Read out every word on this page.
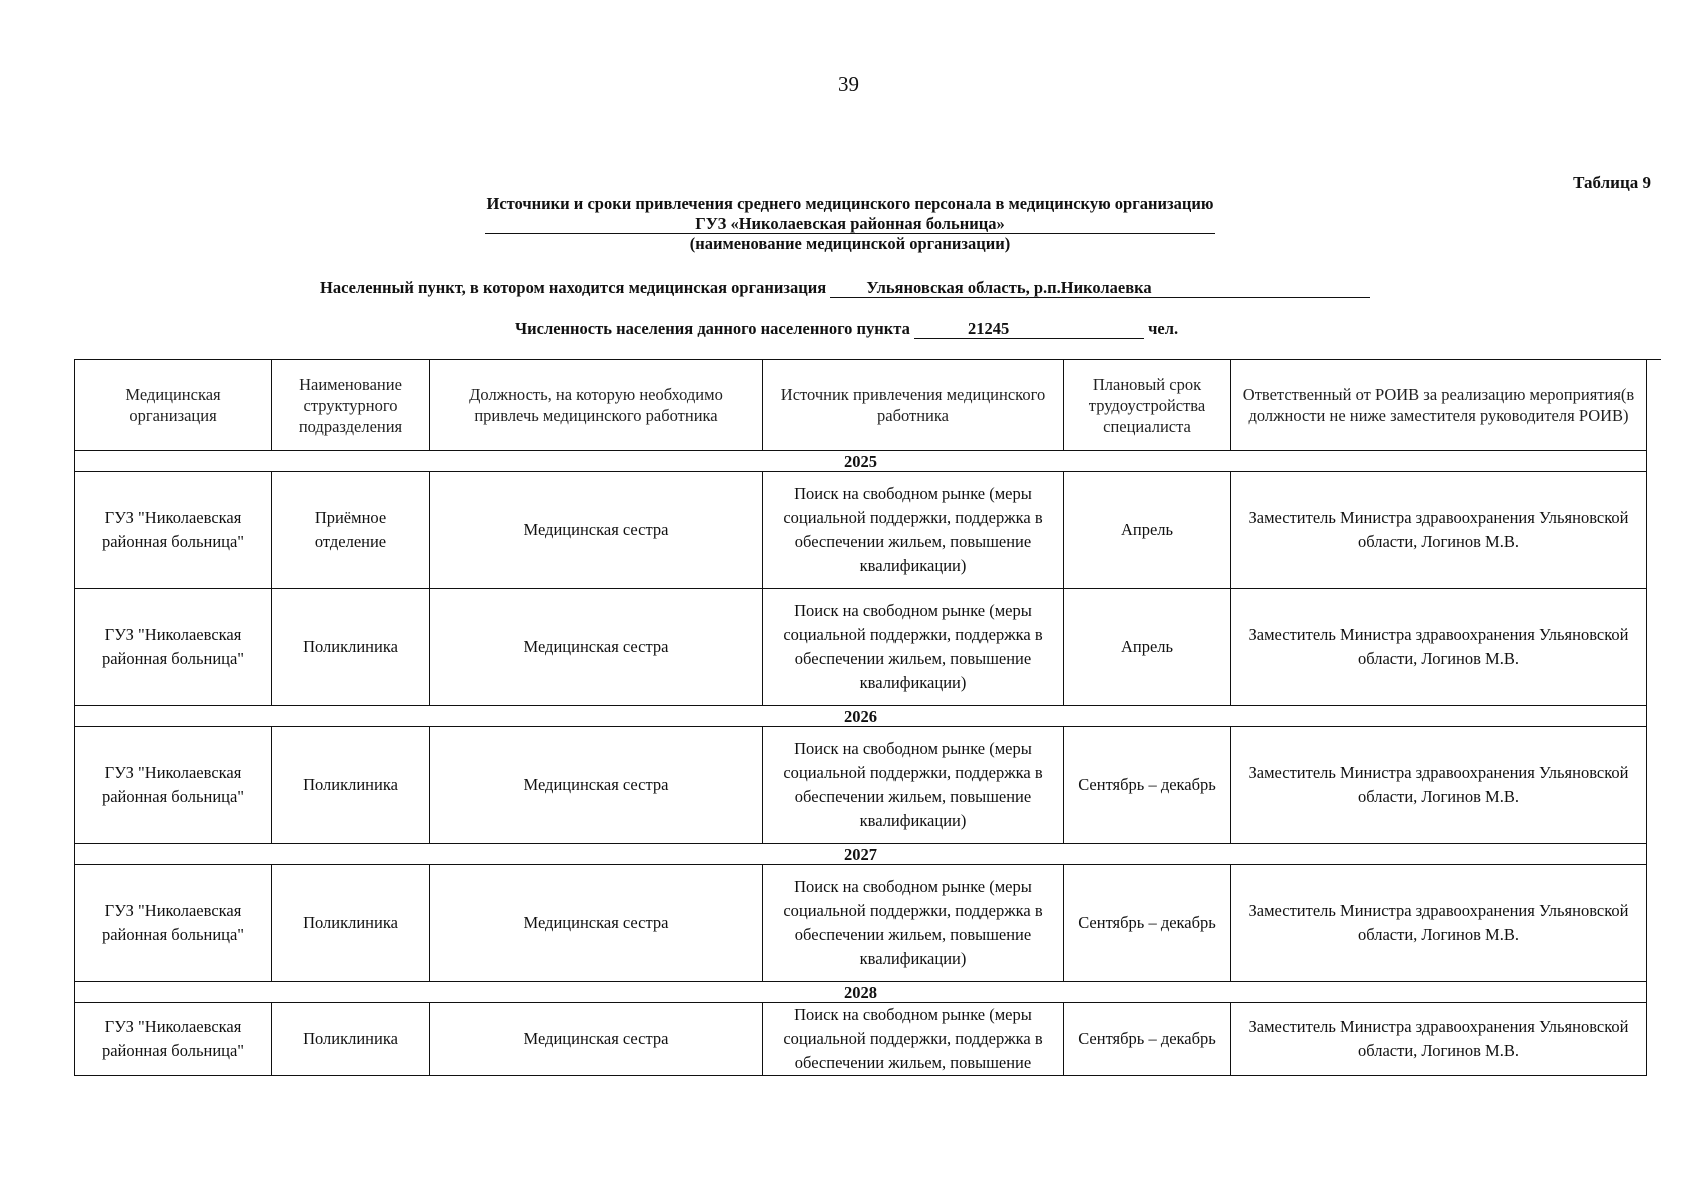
39
Таблица 9
Источники и сроки привлечения среднего медицинского персонала в медицинскую организацию
ГУЗ «Николаевская районная больница»
(наименование медицинской организации)
Населенный пункт, в котором находится медицинская организация Ульяновская область, р.п.Николаевка
Численность населения данного населенного пункта	21245	чел.
Медицинская организация	Наименование структурного подразделения	Должность, на которую необходимо привлечь медицинского работника	Источник привлечения медицинского работника	Плановый срок трудоустройства специалиста	Ответственный от РОИВ за реализацию мероприятия(в должности не ниже заместителя руководителя РОИВ)
2025					
ГУЗ "Николаевская районная больница"	Приёмное отделение	Медицинская сестра	Поиск на свободном рынке (меры социальной поддержки, поддержка в обеспечении жильем, повышение квалификации)	Апрель	Заместитель Министра здравоохранения Ульяновской области, Логинов М.В.
ГУЗ "Николаевская районная больница"	Поликлиника	Медицинская сестра	Поиск на свободном рынке (меры социальной поддержки, поддержка в обеспечении жильем, повышение квалификации)	Апрель	Заместитель Министра здравоохранения Ульяновской области, Логинов М.В.
2026					
ГУЗ "Николаевская районная больница"	Поликлиника	Медицинская сестра	Поиск на свободном рынке (меры социальной поддержки, поддержка в обеспечении жильем, повышение квалификации)	Сентябрь – декабрь	Заместитель Министра здравоохранения Ульяновской области, Логинов М.В.
2027					
ГУЗ "Николаевская районная больница"	Поликлиника	Медицинская сестра	Поиск на свободном рынке (меры социальной поддержки, поддержка в обеспечении жильем, повышение квалификации)	Сентябрь – декабрь	Заместитель Министра здравоохранения Ульяновской области, Логинов М.В.
2028					
ГУЗ "Николаевская районная больница"	Поликлиника	Медицинская сестра	Поиск на свободном рынке (меры социальной поддержки, поддержка в обеспечении жильем, повышение	Сентябрь – декабрь	Заместитель Министра здравоохранения Ульяновской области, Логинов М.В.
